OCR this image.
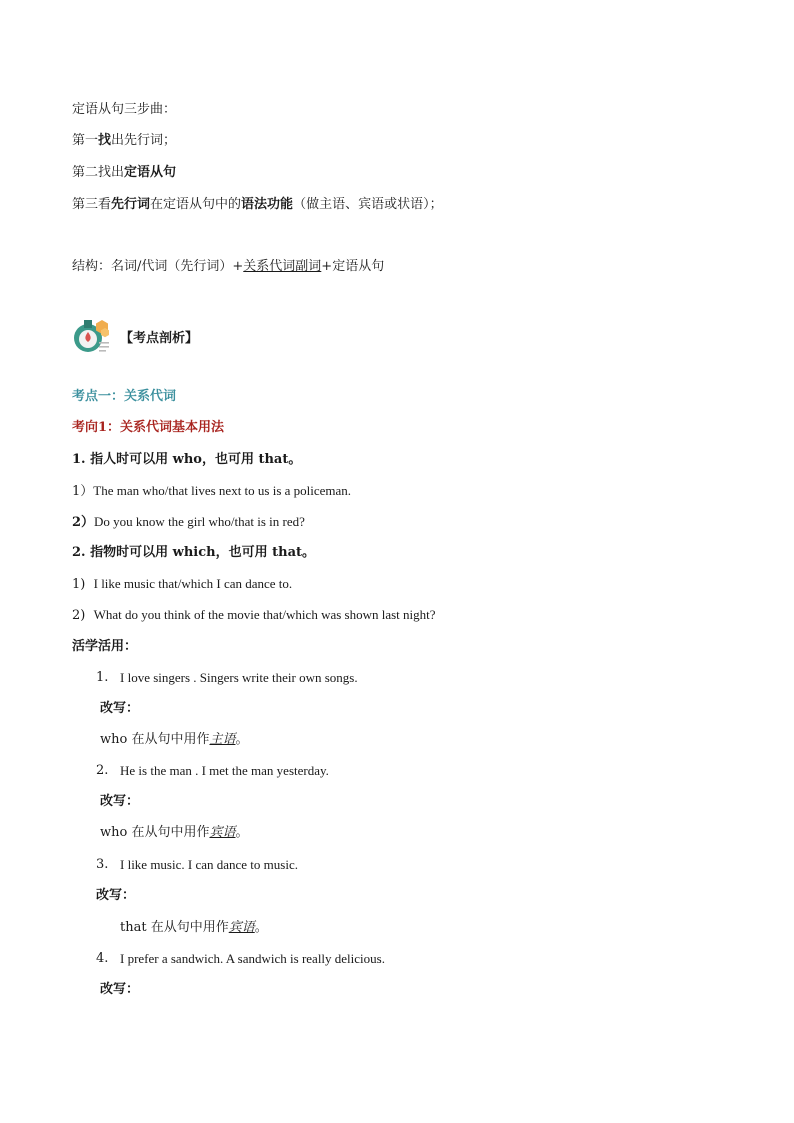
定语从句三步曲：
第一找出先行词；
第二找出定语从句
第三看先行词在定语从句中的语法功能（做主语、宾语或状语）；
结构：名词/代词（先行词）+关系代词副词+定语从句
【考点剖析】
考点一：关系代词
考向1：关系代词基本用法
1. 指人时可以用 who，也可用 that。
1）The man who/that lives next to us is a policeman.
2）Do you know the girl who/that is in red?
2. 指物时可以用 which，也可用 that。
1) I like music that/which I can dance to.
2) What do you think of the movie that/which was shown last night?
活学活用：
1. I love singers . Singers write their own songs.
改写：
who 在从句中用作主语。
2. He is the man . I met the man yesterday.
改写：
who 在从句中用作宾语。
3. I like music. I can dance to music.
改写：
that 在从句中用作宾语。
4. I prefer a sandwich. A sandwich is really delicious.
改写：
